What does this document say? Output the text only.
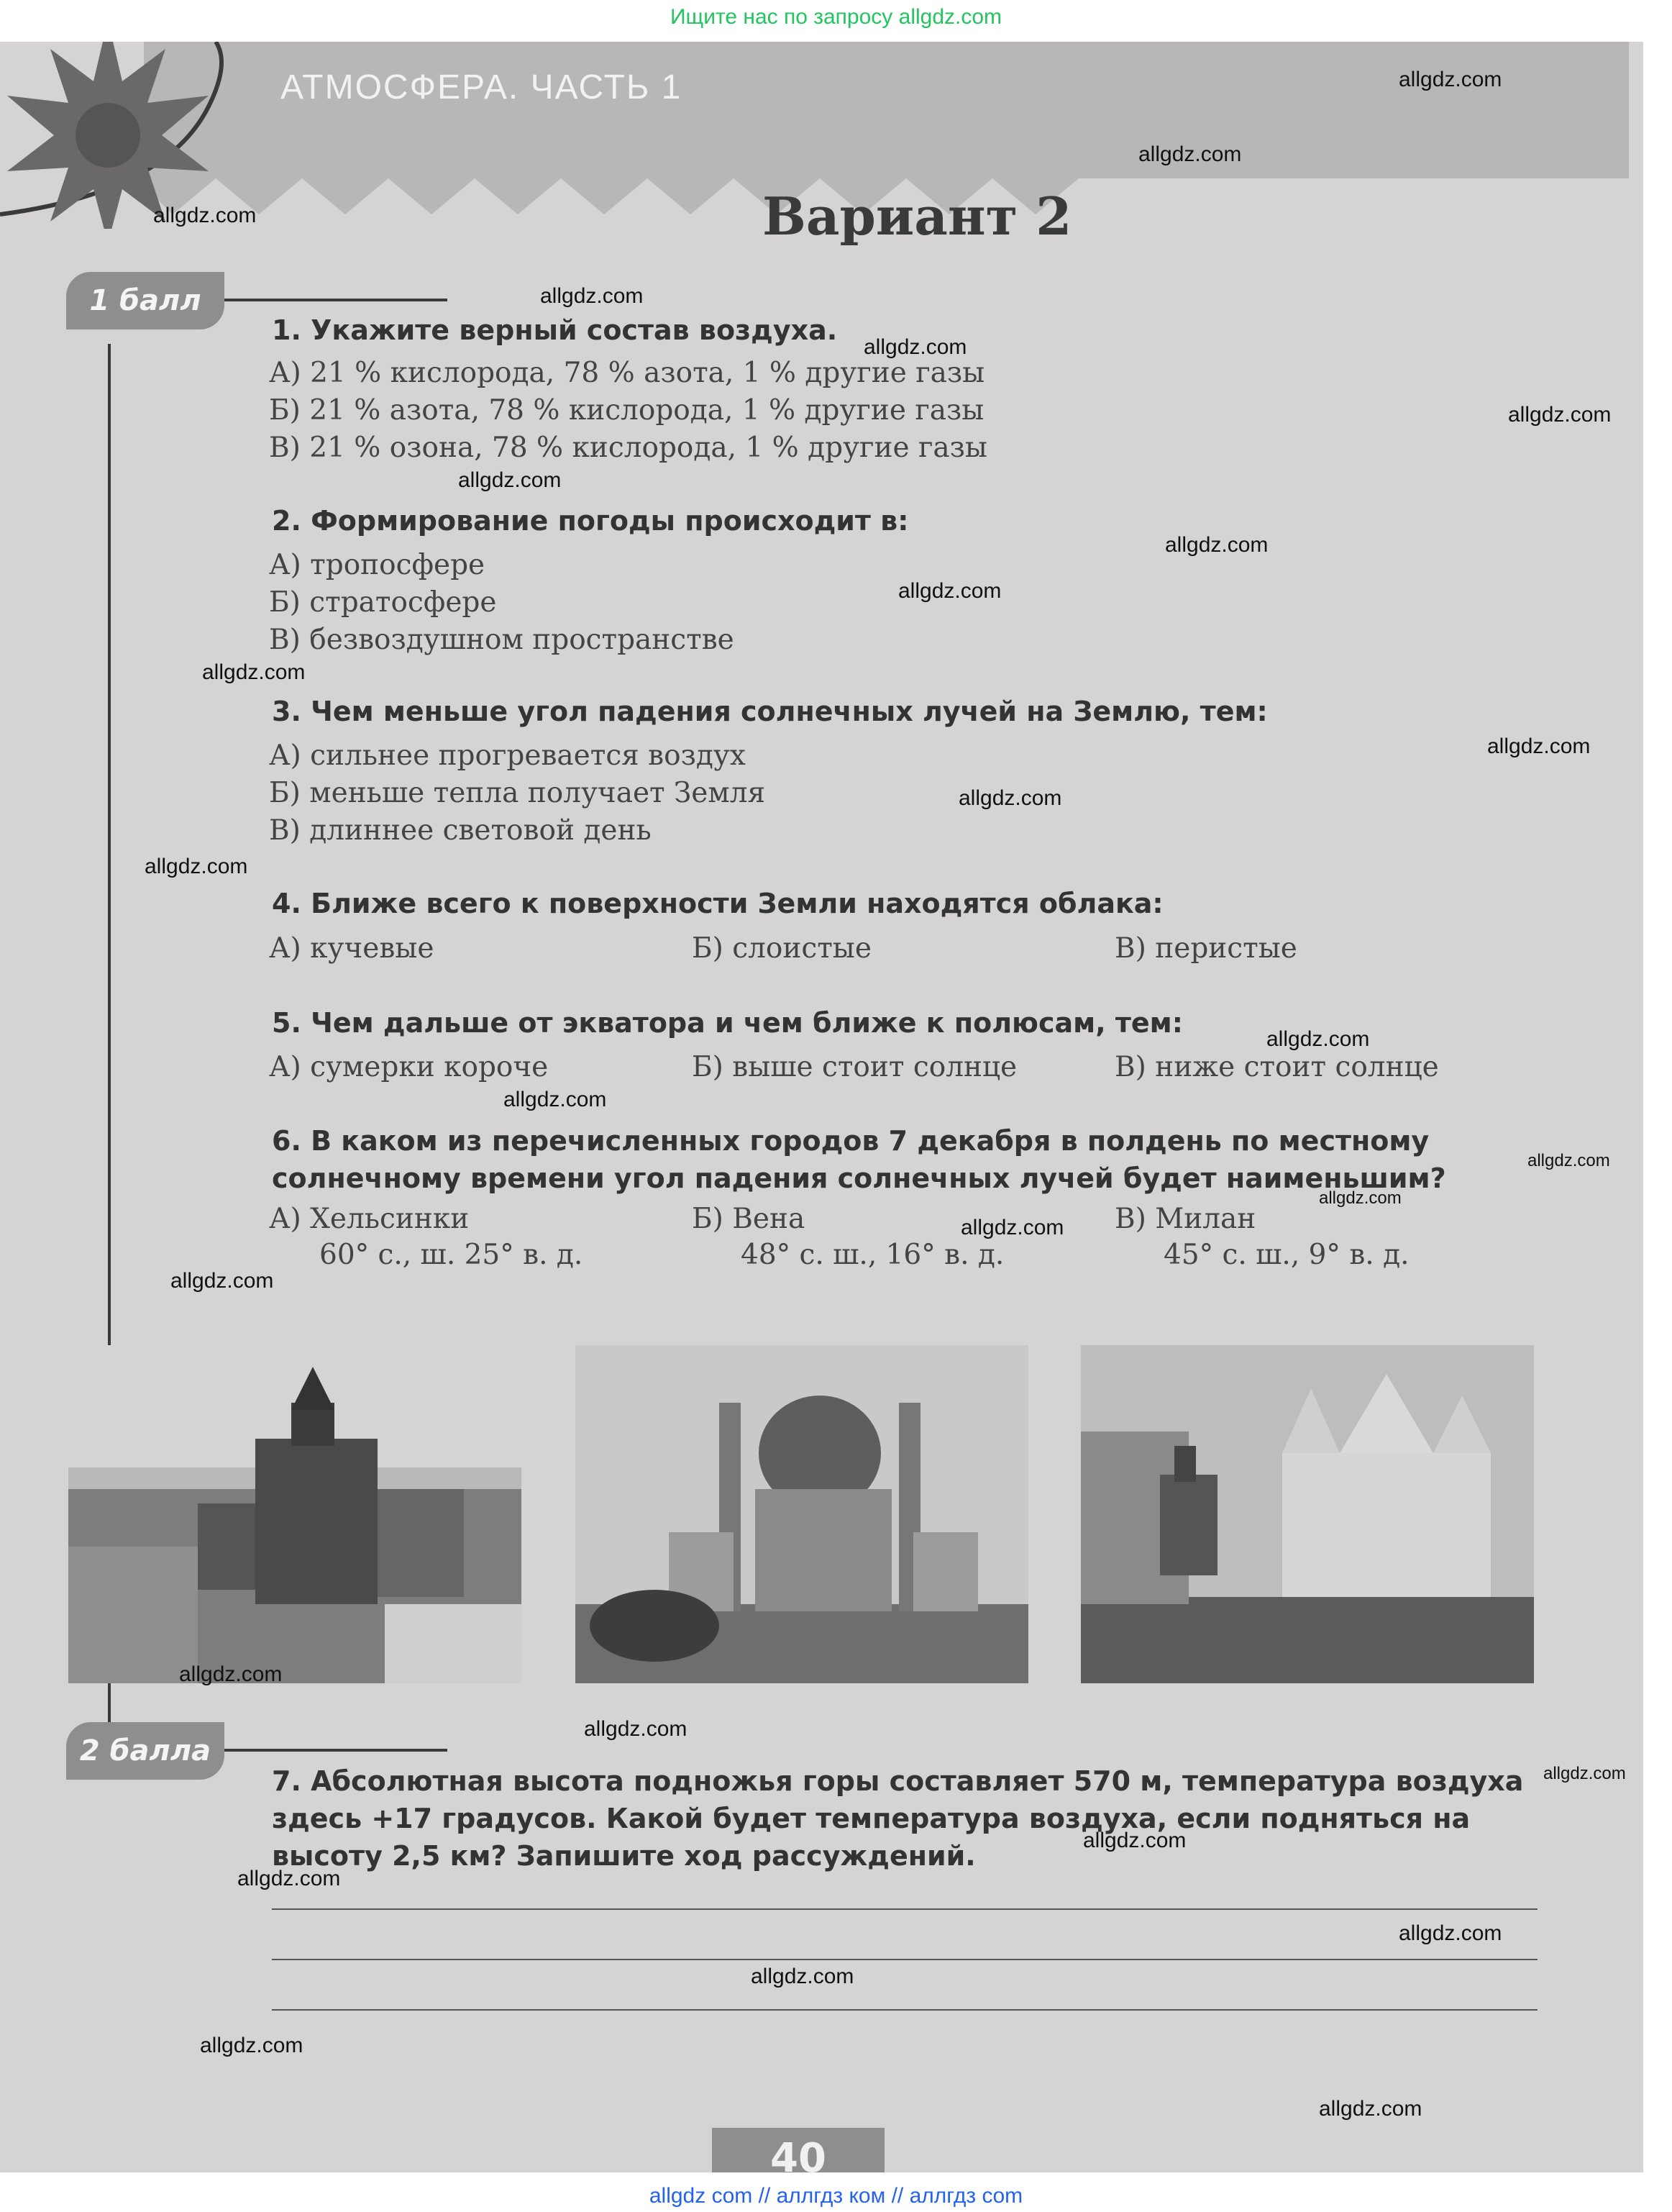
Ищите нас по запросу allgdz.com
АТМОСФЕРА. ЧАСТЬ 1
Вариант 2
1 балл
1. Укажите верный состав воздуха.
А) 21 % кислорода, 78 % азота, 1 % другие газы
Б) 21 % азота, 78 % кислорода, 1 % другие газы
В) 21 % озона, 78 % кислорода, 1 % другие газы
2. Формирование погоды происходит в:
А) тропосфере
Б) стратосфере
В) безвоздушном пространстве
3. Чем меньше угол падения солнечных лучей на Землю, тем:
А) сильнее прогревается воздух
Б) меньше тепла получает Земля
В) длиннее световой день
4. Ближе всего к поверхности Земли находятся облака:
А) кучевые	Б) слоистые	В) перистые
5. Чем дальше от экватора и чем ближе к полюсам, тем:
А) сумерки короче	Б) выше стоит солнце	В) ниже стоит солнце
6. В каком из перечисленных городов 7 декабря в полдень по местному солнечному времени угол падения солнечных лучей будет наименьшим?
А) Хельсинки	Б) Вена	В) Милан
60° с., ш. 25° в. д.	48° с. ш., 16° в. д.	45° с. ш., 9° в. д.
2 балла
7. Абсолютная высота подножья горы составляет 570 м, температура воздуха здесь +17 градусов. Какой будет температура воздуха, если подняться на высоту 2,5 км? Запишите ход рассуждений.
40
allgdz.com
allgdz.com
allgdz.com
allgdz.com
allgdz.com
allgdz.com
allgdz.com
allgdz.com
allgdz.com
allgdz.com
allgdz.com
allgdz.com
allgdz.com
allgdz.com
allgdz.com
allgdz.com
allgdz.com
allgdz.com
allgdz.com
allgdz.com
allgdz.com
allgdz.com
allgdz.com
allgdz.com
allgdz.com
allgdz.com
allgdz.com
allgdz.com
allgdz com // аллгдз ком // аллгдз com
